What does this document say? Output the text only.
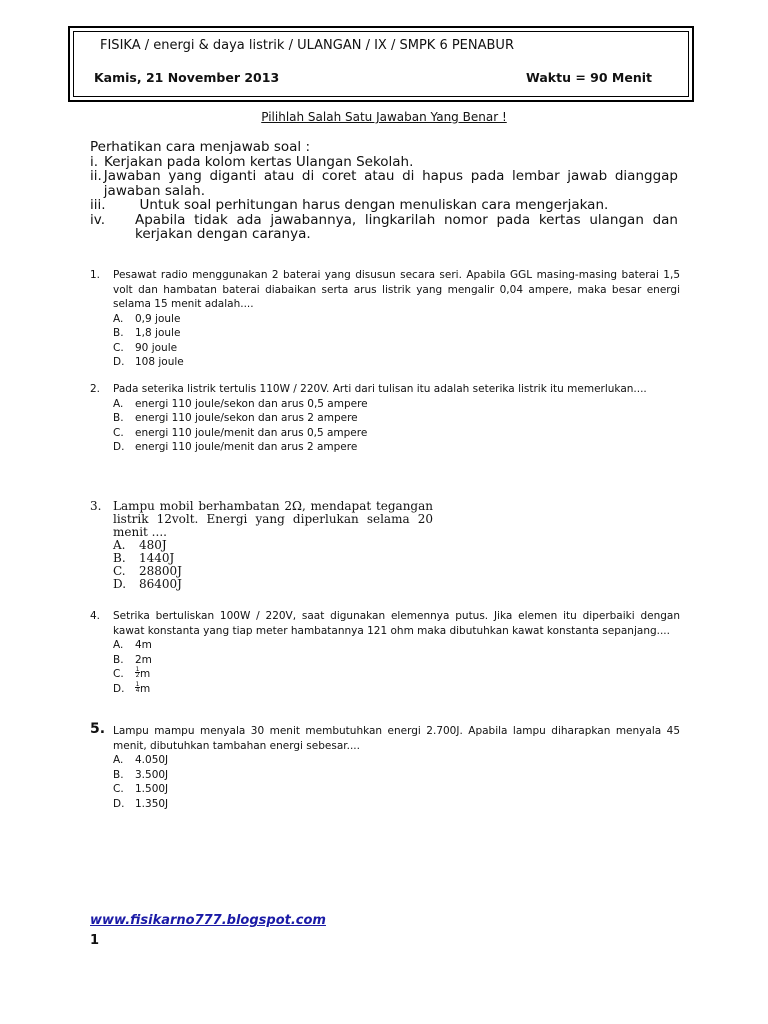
FISIKA / energi & daya listrik / ULANGAN / IX / SMPK 6 PENABUR
Kamis, 21 November 2013	Waktu = 90 Menit
Pilihlah Salah Satu Jawaban Yang Benar !

Perhatikan cara menjawab soal :

i. Kerjakan pada kolom kertas Ulangan Sekolah.
ii. Jawaban yang diganti atau di coret atau di hapus pada lembar jawab dianggap jawaban salah.
iii.	Untuk soal perhitungan harus dengan menuliskan cara mengerjakan.
iv.	Apabila tidak ada jawabannya, lingkarilah nomor pada kertas ulangan dan kerjakan dengan caranya.
1. Pesawat radio menggunakan 2 baterai yang disusun secara seri. Apabila GGL masing-masing baterai 1,5 volt dan hambatan baterai diabaikan serta arus listrik yang mengalir 0,04 ampere, maka besar energi selama 15 menit adalah....
A.	0,9 joule
B.	1,8 joule
C.	90 joule
D.	108 joule
2. Pada seterika listrik tertulis 110W / 220V. Arti dari tulisan itu adalah seterika listrik itu memerlukan....
A.	energi 110 joule/sekon dan arus 0,5 ampere
B.	energi 110 joule/sekon dan arus 2 ampere
C.	energi 110 joule/menit dan arus 0,5 ampere
D.	energi 110 joule/menit dan arus 2 ampere
3. Lampu mobil berhambatan 2Ω, mendapat tegangan listrik 12volt. Energi yang diperlukan selama 20 menit ....
A.	480J
B.	1440J
C.	28800J
D.	86400J
4. Setrika bertuliskan 100W / 220V, saat digunakan elemennya putus. Jika elemen itu diperbaiki dengan kawat konstanta yang tiap meter hambatannya 121 ohm maka dibutuhkan kawat konstanta sepanjang....
A.	4m
B.	2m
C.	$\frac{1}{2}$ m
D.	$\frac{1}{4}$ m
5. Lampu mampu menyala 30 menit membutuhkan energi 2.700J. Apabila lampu diharapkan menyala 45 menit, dibutuhkan tambahan energi sebesar....
A.	4.050J
B.	3.500J
C.	1.500J
D.	1.350J
www.fisikarno777.blogspot.com
1
